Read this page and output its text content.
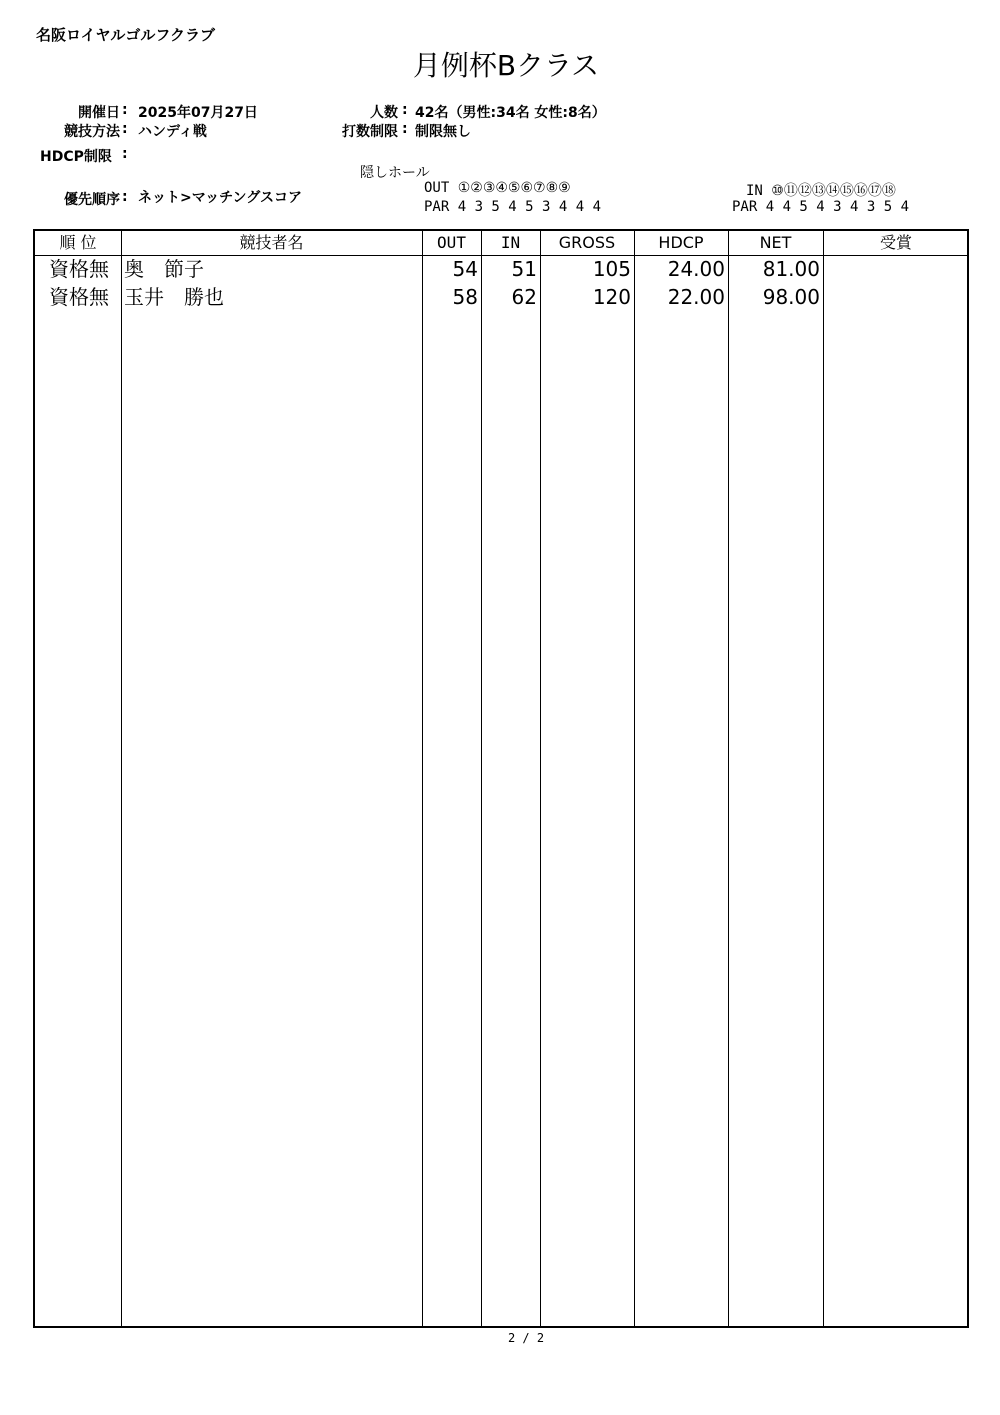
名阪ロイヤルゴルフクラブ
月例杯Bクラス
開催日 : 2025年07月27日
競技方法 : ハンディ戦
HDCP制限 :
優先順序 : ネット>マッチングスコア
人数 : 42名（男性:34名 女性:8名）
打数制限 : 制限無し
隠しホール
OUT ①②③④⑤⑥⑦⑧⑨
PAR 4 3 5 4 5 3 4 4 4
IN ⑩⑪⑫⑬⑭⑮⑯⑰⑱
PAR 4 4 5 4 3 4 3 5 4
順 位	競技者名	OUT	IN	GROSS	HDCP	NET	受賞
資格無 奥　節子	54	51	105	24.00	81.00
資格無 玉井　勝也	58	62	120	22.00	98.00
2 / 2
